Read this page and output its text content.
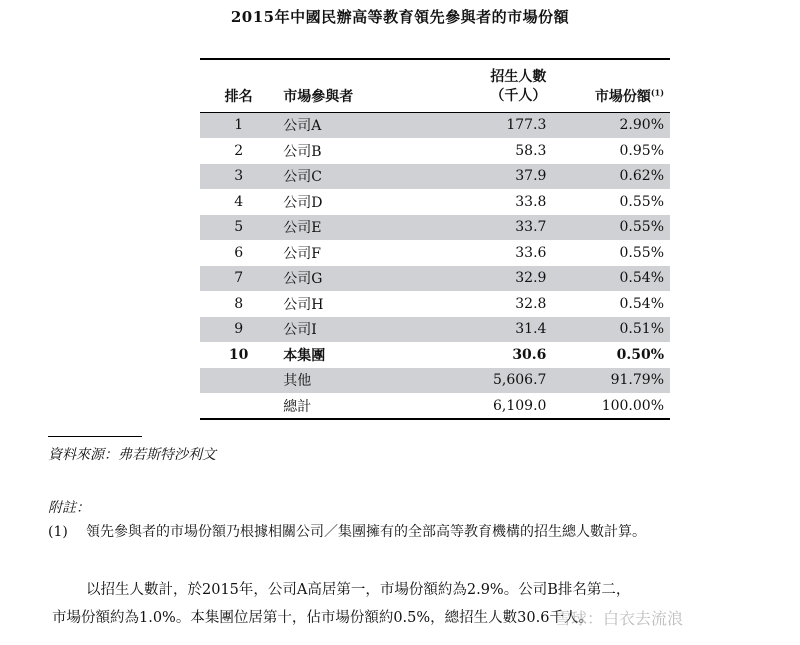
2015年中國民辦高等教育領先參與者的市場份額
排名	市場參與者	招生人數
（千人）	市場份額$^{(1)}$
1	公司A	177.3	2.90%
2	公司B	58.3	0.95%
3	公司C	37.9	0.62%
4	公司D	33.8	0.55%
5	公司E	33.7	0.55%
6	公司F	33.6	0.55%
7	公司G	32.9	0.54%
8	公司H	32.8	0.54%
9	公司I	31.4	0.51%
10	本集團	30.6	0.50%
	其他	5,606.7	91.79%
	總計	6,109.0	100.00%
資料來源：弗若斯特沙利文
附註：
(1) 領先參與者的市場份額乃根據相關公司／集團擁有的全部高等教育機構的招生總人數計算。
以招生人數計，於2015年，公司A高居第一，市場份額約為2.9%。公司B排名第二，
市場份額約為1.0%。本集團位居第十，佔市場份額約0.5%，總招生人數30.6千人。
雪球：白衣去流浪
